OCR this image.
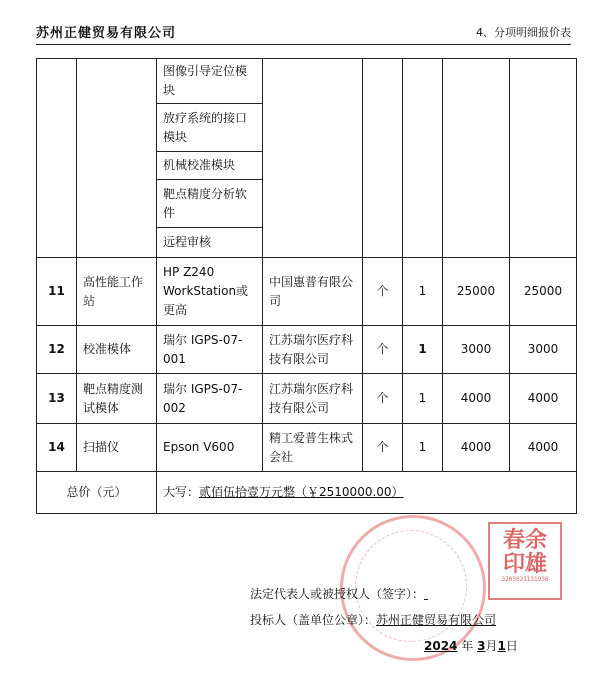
苏州正健贸易有限公司	4、分项明细报价表
		图像引导定位模块					
		放疗系统的接口模块					
		机械校准模块					
		靶点精度分析软件					
		远程审核					
11	高性能工作站	HP Z240 WorkStation或更高	中国惠普有限公司	个	1	25000	25000
12	校准模体	瑞尔 IGPS-07-001	江苏瑞尔医疗科技有限公司	个	1	3000	3000
13	靶点精度测试模体	瑞尔 IGPS-07-002	江苏瑞尔医疗科技有限公司	个	1	4000	4000
14	扫描仪	Epson V600	精工爱普生株式会社	个	1	4000	4000
总价（元）		大写：贰佰伍拾壹万元整（￥2510000.00）					
春余印雄
3205021131936
法定代表人或被授权人（签字）：
投标人（盖单位公章）：苏州正健贸易有限公司
2024 年 3月1日
